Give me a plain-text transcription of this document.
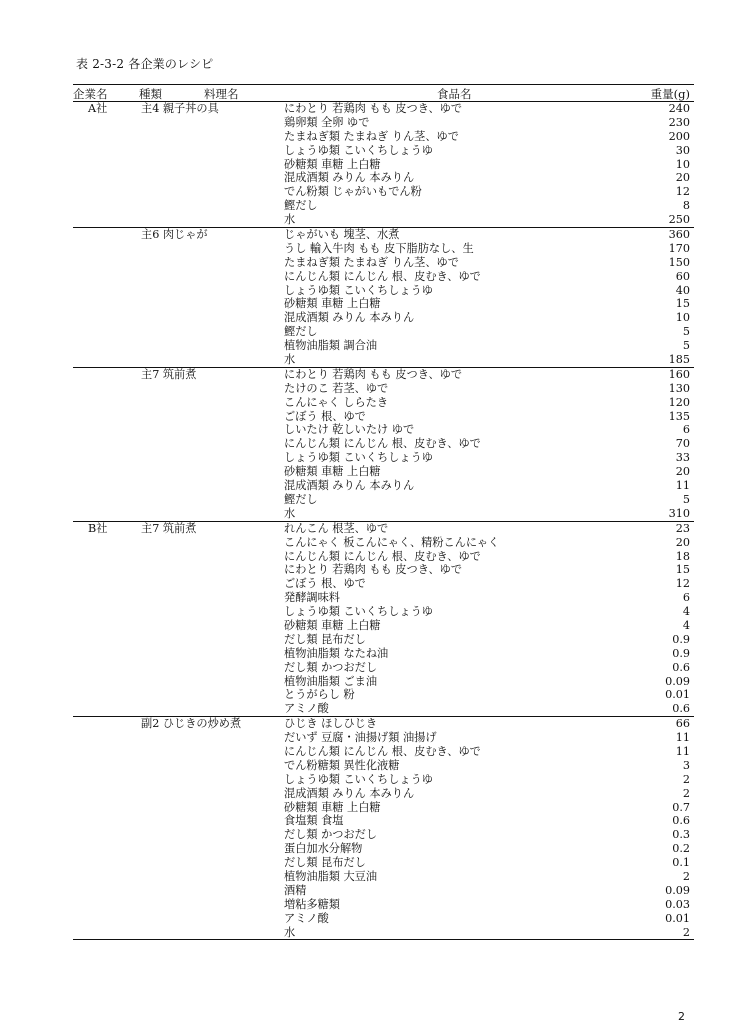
表 2-3-2 各企業のレシピ
企業名	種類	料理名	食品名	重量(g)
A社	主4 親子丼の具	にわとり 若鶏肉 もも 皮つき、ゆで	240
鶏卵類 全卵 ゆで	230
たまねぎ類 たまねぎ りん茎、ゆで	200
しょうゆ類 こいくちしょうゆ	30
砂糖類 車糖 上白糖	10
混成酒類 みりん 本みりん	20
でん粉類 じゃがいもでん粉	12
鰹だし	8
水	250
主6 肉じゃが	じゃがいも 塊茎、水煮	360
うし 輸入牛肉 もも 皮下脂肪なし、生	170
たまねぎ類 たまねぎ りん茎、ゆで	150
にんじん類 にんじん 根、皮むき、ゆで	60
しょうゆ類 こいくちしょうゆ	40
砂糖類 車糖 上白糖	15
混成酒類 みりん 本みりん	10
鰹だし	5
植物油脂類 調合油	5
水	185
主7 筑前煮	にわとり 若鶏肉 もも 皮つき、ゆで	160
たけのこ 若茎、ゆで	130
こんにゃく しらたき	120
ごぼう 根、ゆで	135
しいたけ 乾しいたけ ゆで	6
にんじん類 にんじん 根、皮むき、ゆで	70
しょうゆ類 こいくちしょうゆ	33
砂糖類 車糖 上白糖	20
混成酒類 みりん 本みりん	11
鰹だし	5
水	310
B社	主7 筑前煮	れんこん 根茎、ゆで	23
こんにゃく 板こんにゃく、精粉こんにゃく	20
にんじん類 にんじん 根、皮むき、ゆで	18
にわとり 若鶏肉 もも 皮つき、ゆで	15
ごぼう 根、ゆで	12
発酵調味料	6
しょうゆ類 こいくちしょうゆ	4
砂糖類 車糖 上白糖	4
だし類 昆布だし	0.9
植物油脂類 なたね油	0.9
だし類 かつおだし	0.6
植物油脂類 ごま油	0.09
とうがらし 粉	0.01
アミノ酸	0.6
副2 ひじきの炒め煮	ひじき ほしひじき	66
だいず 豆腐・油揚げ類 油揚げ	11
にんじん類 にんじん 根、皮むき、ゆで	11
でん粉糖類 異性化液糖	3
しょうゆ類 こいくちしょうゆ	2
混成酒類 みりん 本みりん	2
砂糖類 車糖 上白糖	0.7
食塩類 食塩	0.6
だし類 かつおだし	0.3
蛋白加水分解物	0.2
だし類 昆布だし	0.1
植物油脂類 大豆油	2
酒精	0.09
増粘多糖類	0.03
アミノ酸	0.01
水	2
2
